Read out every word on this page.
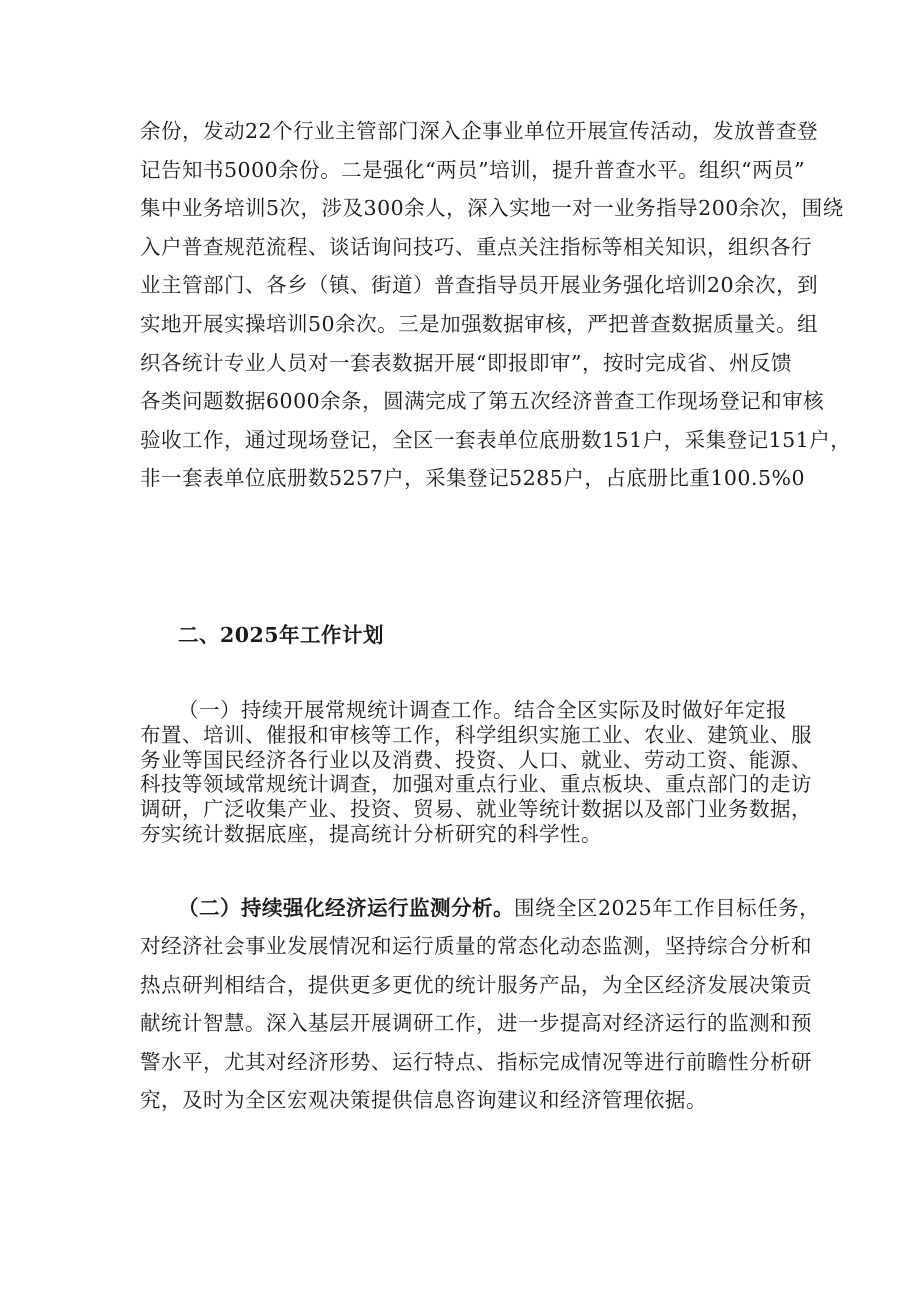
余份，发动22个行业主管部门深入企事业单位开展宣传活动，发放普查登
记告知书5000余份。二是强化“两员”培训，提升普查水平。组织“两员”
集中业务培训5次，涉及300余人，深入实地一对一业务指导200余次，围绕
入户普查规范流程、谈话询问技巧、重点关注指标等相关知识，组织各行
业主管部门、各乡（镇、街道）普查指导员开展业务强化培训20余次，到
实地开展实操培训50余次。三是加强数据审核，严把普查数据质量关。组
织各统计专业人员对一套表数据开展“即报即审”，按时完成省、州反馈
各类问题数据6000余条，圆满完成了第五次经济普查工作现场登记和审核
验收工作，通过现场登记，全区一套表单位底册数151户，采集登记151户，
非一套表单位底册数5257户，采集登记5285户，占底册比重100.5%0
二、2025年工作计划
（一）持续开展常规统计调查工作。结合全区实际及时做好年定报
布置、培训、催报和审核等工作，科学组织实施工业、农业、建筑业、服
务业等国民经济各行业以及消费、投资、人口、就业、劳动工资、能源、
科技等领域常规统计调查，加强对重点行业、重点板块、重点部门的走访
调研，广泛收集产业、投资、贸易、就业等统计数据以及部门业务数据，
夯实统计数据底座，提高统计分析研究的科学性。
（二）持续强化经济运行监测分析。围绕全区2025年工作目标任务，
对经济社会事业发展情况和运行质量的常态化动态监测，坚持综合分析和
热点研判相结合，提供更多更优的统计服务产品，为全区经济发展决策贡
献统计智慧。深入基层开展调研工作，进一步提高对经济运行的监测和预
警水平，尤其对经济形势、运行特点、指标完成情况等进行前瞻性分析研
究，及时为全区宏观决策提供信息咨询建议和经济管理依据。
